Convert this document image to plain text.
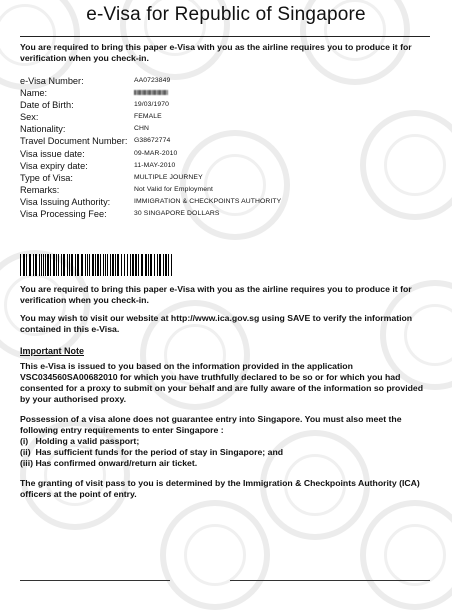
e-Visa for Republic of Singapore
You are required to bring this paper e-Visa with you as the airline requires you to produce it for verification when you check-in.
e-Visa Number:	AA0723849
Name:
Date of Birth:	19/03/1970
Sex:	FEMALE
Nationality:	CHN
Travel Document Number: G38672774
Visa issue date:	09-MAR-2010
Visa expiry date:	11-MAY-2010
Type of Visa:	MULTIPLE JOURNEY
Remarks:	Not Valid for Employment
Visa Issuing Authority:	IMMIGRATION & CHECKPOINTS AUTHORITY
Visa Processing Fee:	30 SINGAPORE DOLLARS
You are required to bring this paper e-Visa with you as the airline requires you to produce it for verification when you check-in.
You may wish to visit our website at http://www.ica.gov.sg using SAVE to verify the information contained in this e-Visa.
Important Note
This e-Visa is issued to you based on the information provided in the application VSC034560SA00682010 for which you have truthfully declared to be so or for which you had consented for a proxy to submit on your behalf and are fully aware of the information so provided by your authorised proxy.
Possession of a visa alone does not guarantee entry into Singapore. You must also meet the following entry requirements to enter Singapore :
(i)   Holding a valid passport;
(ii)  Has sufficient funds for the period of stay in Singapore; and
(iii) Has confirmed onward/return air ticket.
The granting of visit pass to you is determined by the Immigration & Checkpoints Authority (ICA) officers at the point of entry.
